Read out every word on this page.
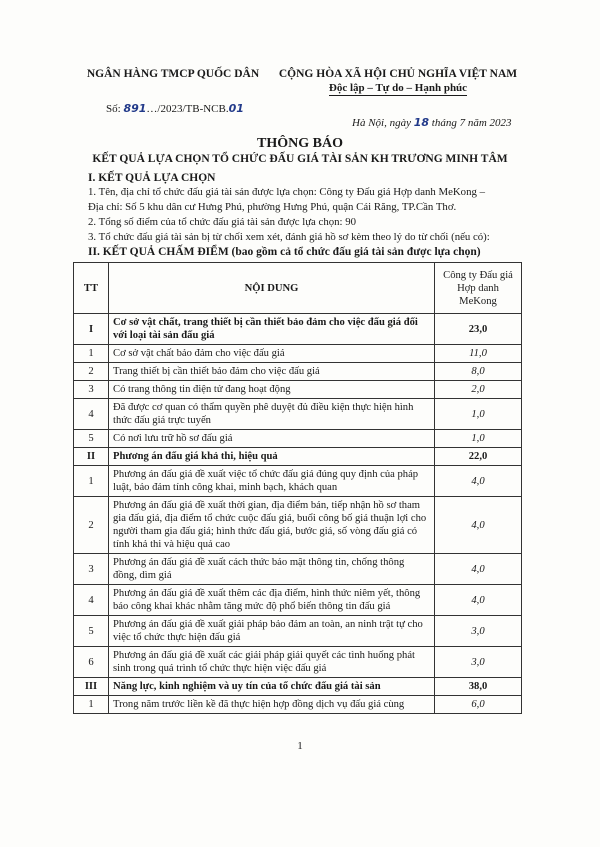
NGÂN HÀNG TMCP QUỐC DÂN	CỘNG HÒA XÃ HỘI CHỦ NGHĨA VIỆT NAM
Độc lập – Tự do – Hạnh phúc
Số: 891…/2023/TB-NCB.01
Hà Nội, ngày 18 tháng 7 năm 2023
THÔNG BÁO
KẾT QUẢ LỰA CHỌN TỔ CHỨC ĐẤU GIÁ TÀI SẢN KH TRƯƠNG MINH TÂM
I. KẾT QUẢ LỰA CHỌN
1. Tên, địa chỉ tổ chức đấu giá tài sản được lựa chọn: Công ty Đấu giá Hợp danh MeKong –
Địa chỉ: Số 5 khu dân cư Hưng Phú, phường Hưng Phú, quận Cái Răng, TP.Cần Thơ.
2. Tổng số điểm của tổ chức đấu giá tài sản được lựa chọn: 90
3. Tổ chức đấu giá tài sản bị từ chối xem xét, đánh giá hồ sơ kèm theo lý do từ chối (nếu có):
II. KẾT QUẢ CHẤM ĐIỂM (bao gồm cả tổ chức đấu giá tài sản được lựa chọn)
TT	NỘI DUNG	Công ty Đấu giá Hợp danh MeKong
I	Cơ sở vật chất, trang thiết bị cần thiết bảo đảm cho việc đấu giá đối với loại tài sản đấu giá	23,0
1	Cơ sở vật chất bảo đảm cho việc đấu giá	11,0
2	Trang thiết bị cần thiết bảo đảm cho việc đấu giá	8,0
3	Có trang thông tin điện tử đang hoạt động	2,0
4	Đã được cơ quan có thẩm quyền phê duyệt đủ điều kiện thực hiện hình thức đấu giá trực tuyến	1,0
5	Có nơi lưu trữ hồ sơ đấu giá	1,0
II	Phương án đấu giá khả thi, hiệu quả	22,0
1	Phương án đấu giá đề xuất việc tổ chức đấu giá đúng quy định của pháp luật, bảo đảm tính công khai, minh bạch, khách quan	4,0
2	Phương án đấu giá đề xuất thời gian, địa điểm bán, tiếp nhận hồ sơ tham gia đấu giá, địa điểm tổ chức cuộc đấu giá, buổi công bố giá thuận lợi cho người tham gia đấu giá; hình thức đấu giá, bước giá, số vòng đấu giá có tính khả thi và hiệu quả cao	4,0
3	Phương án đấu giá đề xuất cách thức bảo mật thông tin, chống thông đồng, dìm giá	4,0
4	Phương án đấu giá đề xuất thêm các địa điểm, hình thức niêm yết, thông báo công khai khác nhằm tăng mức độ phổ biến thông tin đấu giá	4,0
5	Phương án đấu giá đề xuất giải pháp bảo đảm an toàn, an ninh trật tự cho việc tổ chức thực hiện đấu giá	3,0
6	Phương án đấu giá đề xuất các giải pháp giải quyết các tình huống phát sinh trong quá trình tổ chức thực hiện việc đấu giá	3,0
III	Năng lực, kinh nghiệm và uy tín của tổ chức đấu giá tài sản	38,0
1	Trong năm trước liền kề đã thực hiện hợp đồng dịch vụ đấu giá cùng	6,0
1
